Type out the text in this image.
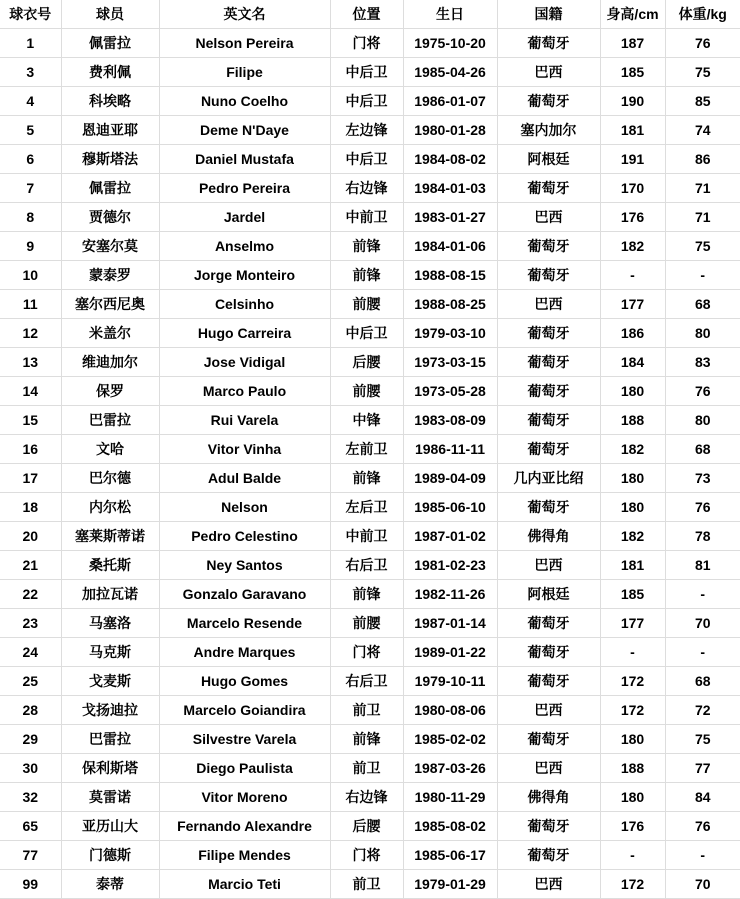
球衣号	球员	英文名	位置	生日	国籍	身高/cm	体重/kg
1	佩雷拉	Nelson Pereira	门将	1975-10-20	葡萄牙	187	76
3	费利佩	Filipe	中后卫	1985-04-26	巴西	185	75
4	科埃略	Nuno Coelho	中后卫	1986-01-07	葡萄牙	190	85
5	恩迪亚耶	Deme N'Daye	左边锋	1980-01-28	塞内加尔	181	74
6	穆斯塔法	Daniel Mustafa	中后卫	1984-08-02	阿根廷	191	86
7	佩雷拉	Pedro Pereira	右边锋	1984-01-03	葡萄牙	170	71
8	贾德尔	Jardel	中前卫	1983-01-27	巴西	176	71
9	安塞尔莫	Anselmo	前锋	1984-01-06	葡萄牙	182	75
10	蒙泰罗	Jorge Monteiro	前锋	1988-08-15	葡萄牙	-	-
11	塞尔西尼奥	Celsinho	前腰	1988-08-25	巴西	177	68
12	米盖尔	Hugo Carreira	中后卫	1979-03-10	葡萄牙	186	80
13	维迪加尔	Jose Vidigal	后腰	1973-03-15	葡萄牙	184	83
14	保罗	Marco Paulo	前腰	1973-05-28	葡萄牙	180	76
15	巴雷拉	Rui Varela	中锋	1983-08-09	葡萄牙	188	80
16	文哈	Vitor Vinha	左前卫	1986-11-11	葡萄牙	182	68
17	巴尔德	Adul Balde	前锋	1989-04-09	几内亚比绍	180	73
18	内尔松	Nelson	左后卫	1985-06-10	葡萄牙	180	76
20	塞莱斯蒂诺	Pedro Celestino	中前卫	1987-01-02	佛得角	182	78
21	桑托斯	Ney Santos	右后卫	1981-02-23	巴西	181	81
22	加拉瓦诺	Gonzalo Garavano	前锋	1982-11-26	阿根廷	185	-
23	马塞洛	Marcelo Resende	前腰	1987-01-14	葡萄牙	177	70
24	马克斯	Andre Marques	门将	1989-01-22	葡萄牙	-	-
25	戈麦斯	Hugo Gomes	右后卫	1979-10-11	葡萄牙	172	68
28	戈扬迪拉	Marcelo Goiandira	前卫	1980-08-06	巴西	172	72
29	巴雷拉	Silvestre Varela	前锋	1985-02-02	葡萄牙	180	75
30	保利斯塔	Diego Paulista	前卫	1987-03-26	巴西	188	77
32	莫雷诺	Vitor Moreno	右边锋	1980-11-29	佛得角	180	84
65	亚历山大	Fernando Alexandre	后腰	1985-08-02	葡萄牙	176	76
77	门德斯	Filipe Mendes	门将	1985-06-17	葡萄牙	-	-
99	泰蒂	Marcio Teti	前卫	1979-01-29	巴西	172	70
